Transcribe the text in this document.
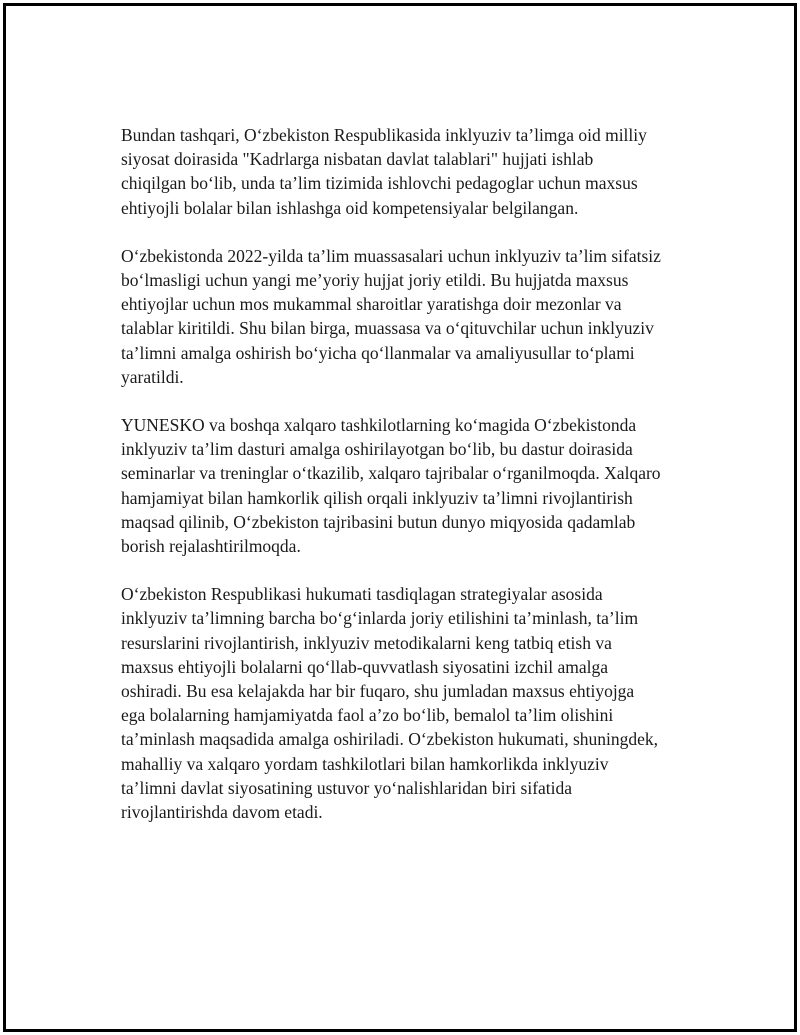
Bundan tashqari, O‘zbekiston Respublikasida inklyuziv ta’limga oid milliy
siyosat doirasida "Kadrlarga nisbatan davlat talablari" hujjati ishlab
chiqilgan bo‘lib, unda ta’lim tizimida ishlovchi pedagoglar uchun maxsus
ehtiyojli bolalar bilan ishlashga oid kompetensiyalar belgilangan.

O‘zbekistonda 2022-yilda ta’lim muassasalari uchun inklyuziv ta’lim sifatsiz
bo‘lmasligi uchun yangi me’yoriy hujjat joriy etildi. Bu hujjatda maxsus
ehtiyojlar uchun mos mukammal sharoitlar yaratishga doir mezonlar va
talablar kiritildi. Shu bilan birga, muassasa va o‘qituvchilar uchun inklyuziv
ta’limni amalga oshirish bo‘yicha qo‘llanmalar va amaliyusullar to‘plami
yaratildi.

YUNESKO va boshqa xalqaro tashkilotlarning ko‘magida O‘zbekistonda
inklyuziv ta’lim dasturi amalga oshirilayotgan bo‘lib, bu dastur doirasida
seminarlar va treninglar o‘tkazilib, xalqaro tajribalar o‘rganilmoqda. Xalqaro
hamjamiyat bilan hamkorlik qilish orqali inklyuziv ta’limni rivojlantirish
maqsad qilinib, O‘zbekiston tajribasini butun dunyo miqyosida qadamlab
borish rejalashtirilmoqda.

O‘zbekiston Respublikasi hukumati tasdiqlagan strategiyalar asosida
inklyuziv ta’limning barcha bo‘g‘inlarda joriy etilishini ta’minlash, ta’lim
resurslarini rivojlantirish, inklyuziv metodikalarni keng tatbiq etish va
maxsus ehtiyojli bolalarni qo‘llab-quvvatlash siyosatini izchil amalga
oshiradi. Bu esa kelajakda har bir fuqaro, shu jumladan maxsus ehtiyojga
ega bolalarning hamjamiyatda faol a’zo bo‘lib, bemalol ta’lim olishini
ta’minlash maqsadida amalga oshiriladi. O‘zbekiston hukumati, shuningdek,
mahalliy va xalqaro yordam tashkilotlari bilan hamkorlikda inklyuziv
ta’limni davlat siyosatining ustuvor yo‘nalishlaridan biri sifatida
rivojlantirishda davom etadi.
